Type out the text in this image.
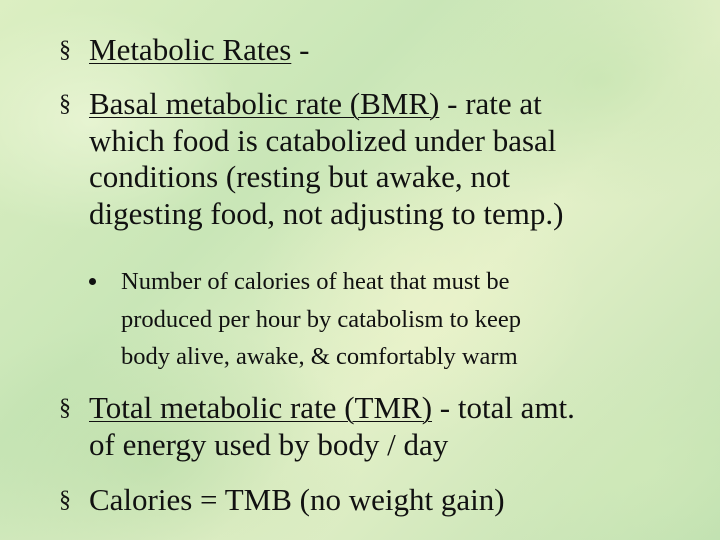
§ Metabolic Rates -
§ Basal metabolic rate (BMR) - rate at
which food is catabolized under basal
conditions (resting but awake, not
digesting food, not adjusting to temp.)
Number of calories of heat that must be
produced per hour by catabolism to keep
body alive, awake, & comfortably warm
§ Total metabolic rate (TMR) - total amt.
of energy used by body / day
§ Calories = TMB (no weight gain)
